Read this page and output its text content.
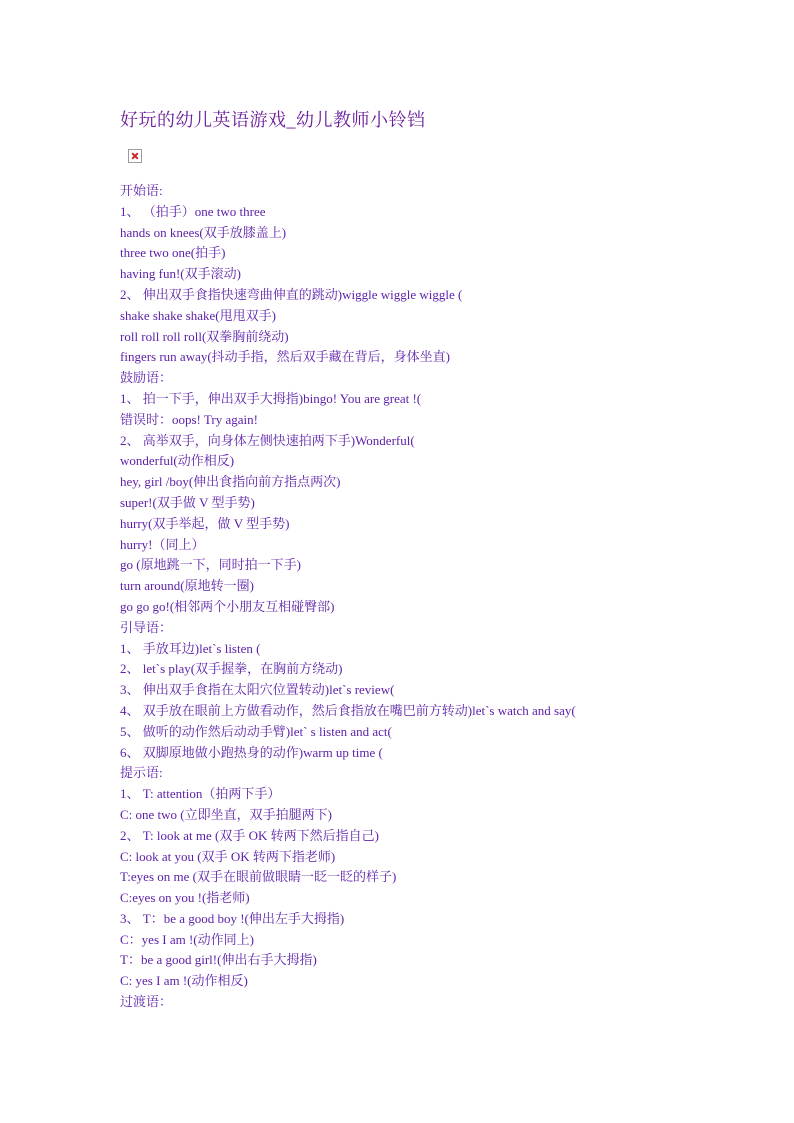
好玩的幼儿英语游戏_幼儿教师小铃铛
开始语:
1、 （拍手）one two three
hands on knees(双手放膝盖上)
three two one(拍手)
having fun!(双手滚动)
2、 伸出双手食指快速弯曲伸直的跳动)wiggle wiggle wiggle (
shake shake shake(甩甩双手)
roll roll roll roll(双拳胸前绕动)
fingers run away(抖动手指，然后双手藏在背后，身体坐直)
鼓励语：
1、 拍一下手，伸出双手大拇指)bingo! You are great !(
错误时：oops! Try again!
2、 高举双手，向身体左侧快速拍两下手)Wonderful(
wonderful(动作相反)
hey, girl /boy(伸出食指向前方指点两次)
super!(双手做 V 型手势)
hurry(双手举起，做 V 型手势)
hurry!（同上）
go (原地跳一下，同时拍一下手)
turn around(原地转一圈)
go go go!(相邻两个小朋友互相碰臀部)
引导语：
1、 手放耳边)let`s listen (
2、 let`s play(双手握拳，在胸前方绕动)
3、 伸出双手食指在太阳穴位置转动)let`s review(
4、 双手放在眼前上方做看动作，然后食指放在嘴巴前方转动)let`s watch and say(
5、 做听的动作然后动动手臂)let` s listen and act(
6、 双脚原地做小跑热身的动作)warm up time (
提示语:
1、 T: attention（拍两下手）
C: one two (立即坐直，双手拍腿两下)
2、 T: look at me (双手 OK 转两下然后指自己)
C: look at you (双手 OK 转两下指老师)
T:eyes on me (双手在眼前做眼睛一眨一眨的样子)
C:eyes on you !(指老师)
3、 T：be a good boy !(伸出左手大拇指)
C：yes I am !(动作同上)
T：be a good girl!(伸出右手大拇指)
C: yes I am !(动作相反)
过渡语：
